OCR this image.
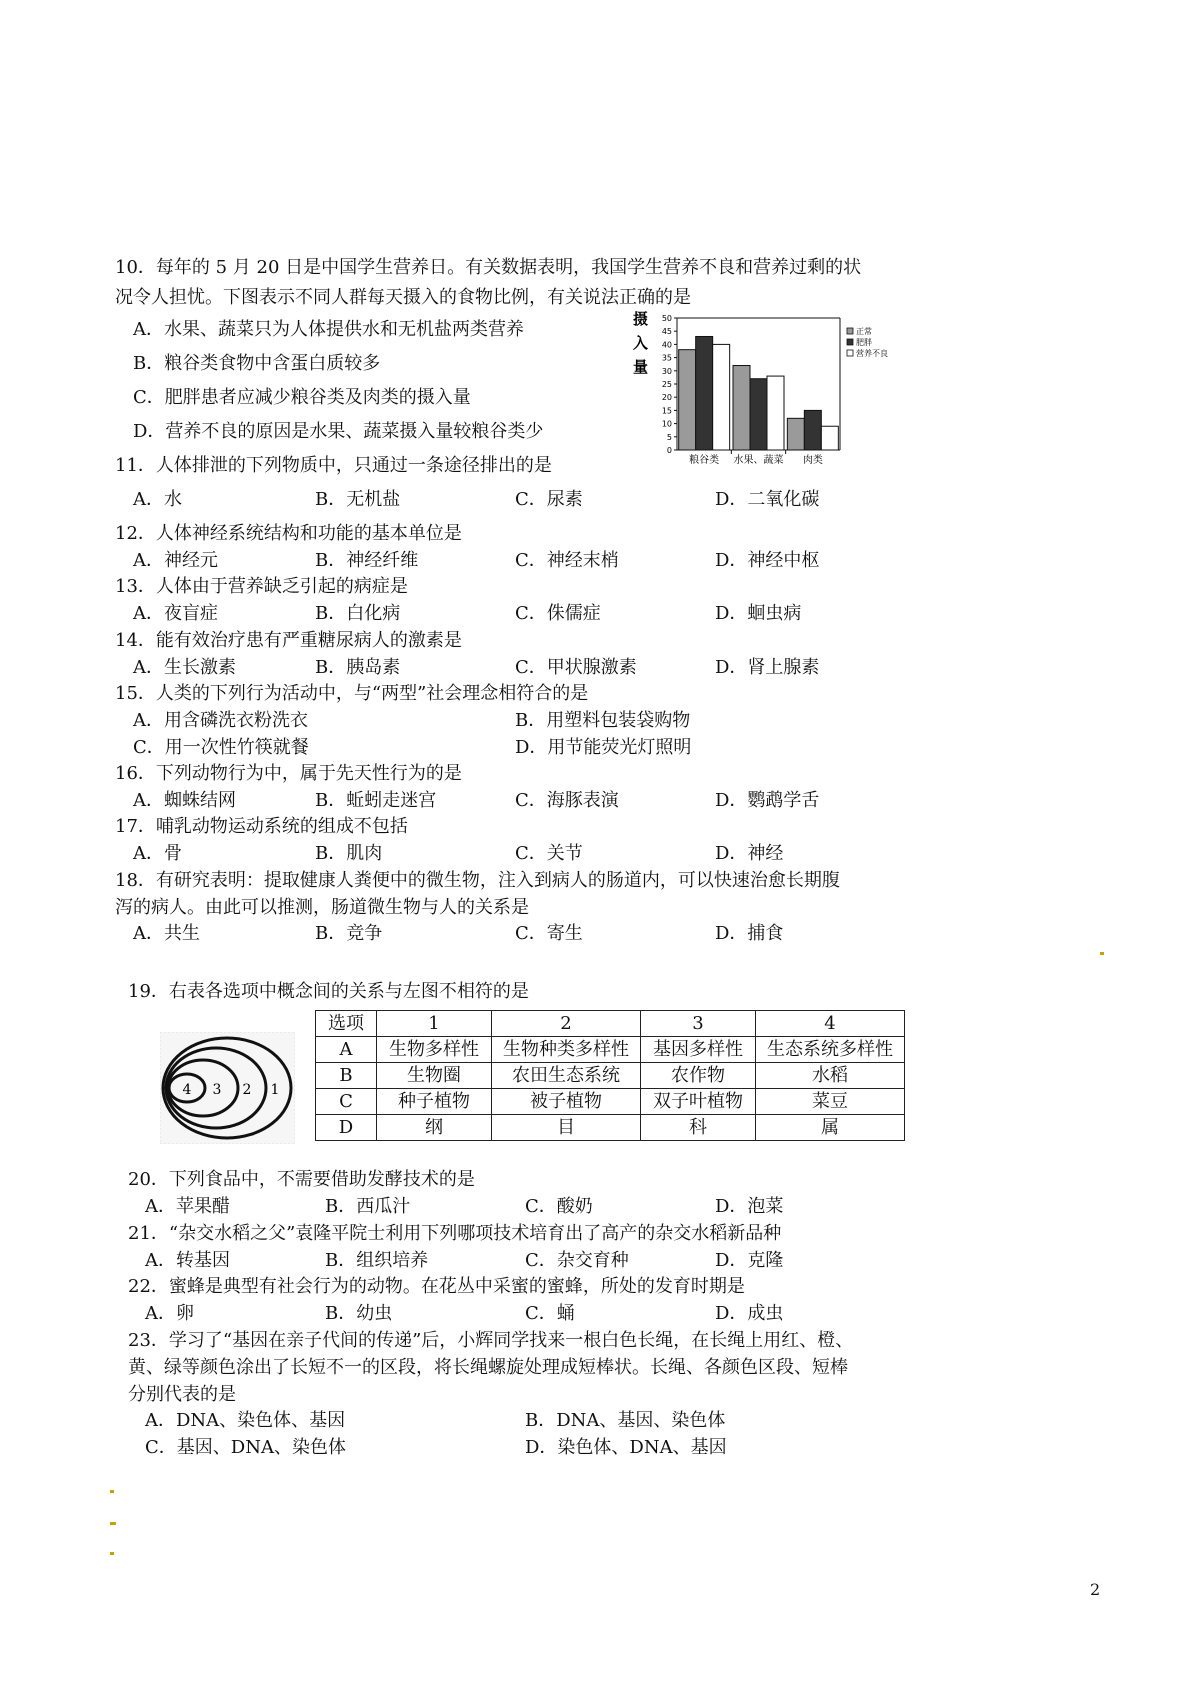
10．每年的 5 月 20 日是中国学生营养日。有关数据表明，我国学生营养不良和营养过剩的状
况令人担忧。下图表示不同人群每天摄入的食物比例，有关说法正确的是
A．水果、蔬菜只为人体提供水和无机盐两类营养
B．粮谷类食物中含蛋白质较多
C．肥胖患者应减少粮谷类及肉类的摄入量
D．营养不良的原因是水果、蔬菜摄入量较粮谷类少
摄
入
量
0
5
10
15
20
25
30
35
40
45
50
粮谷类 水果、蔬菜 肉类
正常
肥胖
营养不良
11．人体排泄的下列物质中，只通过一条途径排出的是
A．水	B．无机盐	C．尿素	D．二氧化碳
12．人体神经系统结构和功能的基本单位是
A．神经元	B．神经纤维	C．神经末梢	D．神经中枢
13．人体由于营养缺乏引起的病症是
A．夜盲症	B．白化病	C．侏儒症	D．蛔虫病
14．能有效治疗患有严重糖尿病人的激素是
A．生长激素	B．胰岛素	C．甲状腺激素	D．肾上腺素
15．人类的下列行为活动中，与“两型”社会理念相符合的是
A．用含磷洗衣粉洗衣	B．用塑料包装袋购物
C．用一次性竹筷就餐	D．用节能荧光灯照明
16．下列动物行为中，属于先天性行为的是
A．蜘蛛结网	B．蚯蚓走迷宫	C．海豚表演	D．鹦鹉学舌
17．哺乳动物运动系统的组成不包括
A．骨	B．肌肉	C．关节	D．神经
18．有研究表明：提取健康人粪便中的微生物，注入到病人的肠道内，可以快速治愈长期腹
泻的病人。由此可以推测，肠道微生物与人的关系是
A．共生	B．竞争	C．寄生	D．捕食
19．右表各选项中概念间的关系与左图不相符的是
4 3 2 1
选项	1	2	3	4
A	生物多样性	生物种类多样性	基因多样性	生态系统多样性
B	生物圈	农田生态系统	农作物	水稻
C	种子植物	被子植物	双子叶植物	菜豆
D	纲	目	科	属
20．下列食品中，不需要借助发酵技术的是
A．苹果醋	B．西瓜汁	C．酸奶	D．泡菜
21．“杂交水稻之父”袁隆平院士利用下列哪项技术培育出了高产的杂交水稻新品种
A．转基因	B．组织培养	C．杂交育种	D．克隆
22．蜜蜂是典型有社会行为的动物。在花丛中采蜜的蜜蜂，所处的发育时期是
A．卵	B．幼虫	C．蛹	D．成虫
23．学习了“基因在亲子代间的传递”后，小辉同学找来一根白色长绳，在长绳上用红、橙、
黄、绿等颜色涂出了长短不一的区段，将长绳螺旋处理成短棒状。长绳、各颜色区段、短棒
分别代表的是
A．DNA、染色体、基因	B．DNA、基因、染色体
C．基因、DNA、染色体	D．染色体、DNA、基因
2
